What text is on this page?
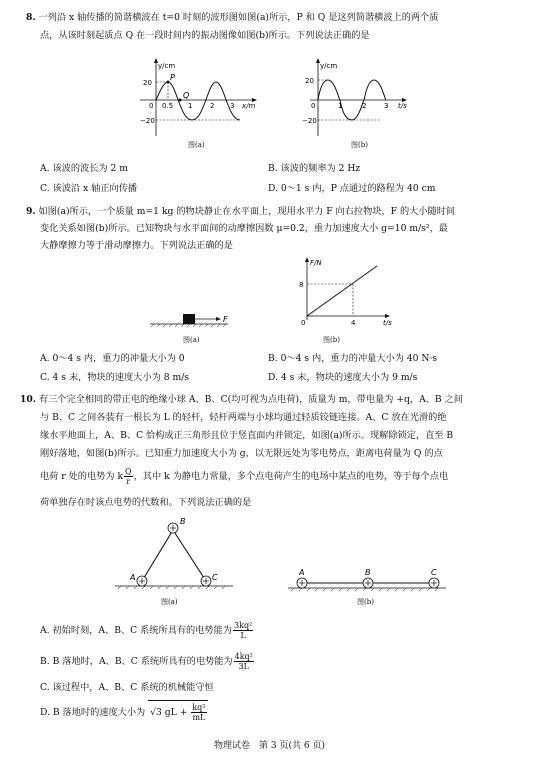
8. 一列沿 x 轴传播的简谐横波在 t=0 时刻的波形图如图(a)所示，P 和 Q 是这列简谐横波上的两个质
点，从该时刻起质点 Q 在一段时间内的振动图像如图(b)所示。下列说法正确的是
y/cm
P
Q
20
−20
0 0.5 1	2 3 x/m
图(a)
y/cm
20
−20
0	1	2	3 t/s
图(b)
A. 该波的波长为 2 m	B. 该波的频率为 2 Hz
C. 该波沿 x 轴正向传播	D. 0～1 s 内，P 点通过的路程为 40 cm
9. 如图(a)所示，一个质量 m=1 kg 的物块静止在水平面上，现用水平力 F 向右拉物块，F 的大小随时间
变化关系如图(b)所示。已知物块与水平面间的动摩擦因数 μ=0.2，重力加速度大小 g=10 m/s²，最
大静摩擦力等于滑动摩擦力。下列说法正确的是
F
图(a)
F/N
8
0	4	t/s
图(b)
A. 0～4 s 内，重力的冲量大小为 0	B. 0～4 s 内，重力的冲量大小为 40 N·s
C. 4 s 末，物块的速度大小为 8 m/s	D. 4 s 末，物块的速度大小为 9 m/s
10. 有三个完全相同的带正电的绝缘小球 A、B、C(均可视为点电荷)，质量为 m，带电量为 +q，A、B 之间
与 B、C 之间各装有一根长为 L 的轻杆，轻杆两端与小球均通过轻质铰链连接。A、C 放在光滑的绝
缘水平地面上，A、B、C 恰构成正三角形且位于竖直面内并锁定，如图(a)所示。现解除锁定，直至 B
刚好落地，如图(b)所示。已知重力加速度大小为 g，以无限远处为零电势点，距离电荷量为 Q 的点
电荷 r 处的电势为 k $\frac{Q}{r}$ ，其中 k 为静电力常量，多个点电荷产生的电场中某点的电势，等于每个点电
荷单独存在时该点电势的代数和。下列说法正确的是
A
B
C
图(a)
A	B	C
图(b)
A. 初始时刻，A、B、C 系统所具有的电势能为 $\frac{\text{3kq²}}{L}$
B. B 落地时，A、B、C 系统所具有的电势能为 $\frac{\text{4kq²}}{3L}$
C. 该过程中，A、B、C 系统的机械能守恒
D. B 落地时的速度大小为 √3 gL + $\frac{\text{kq²}}{mL}$
物理试卷　第 3 页(共 6 页)
